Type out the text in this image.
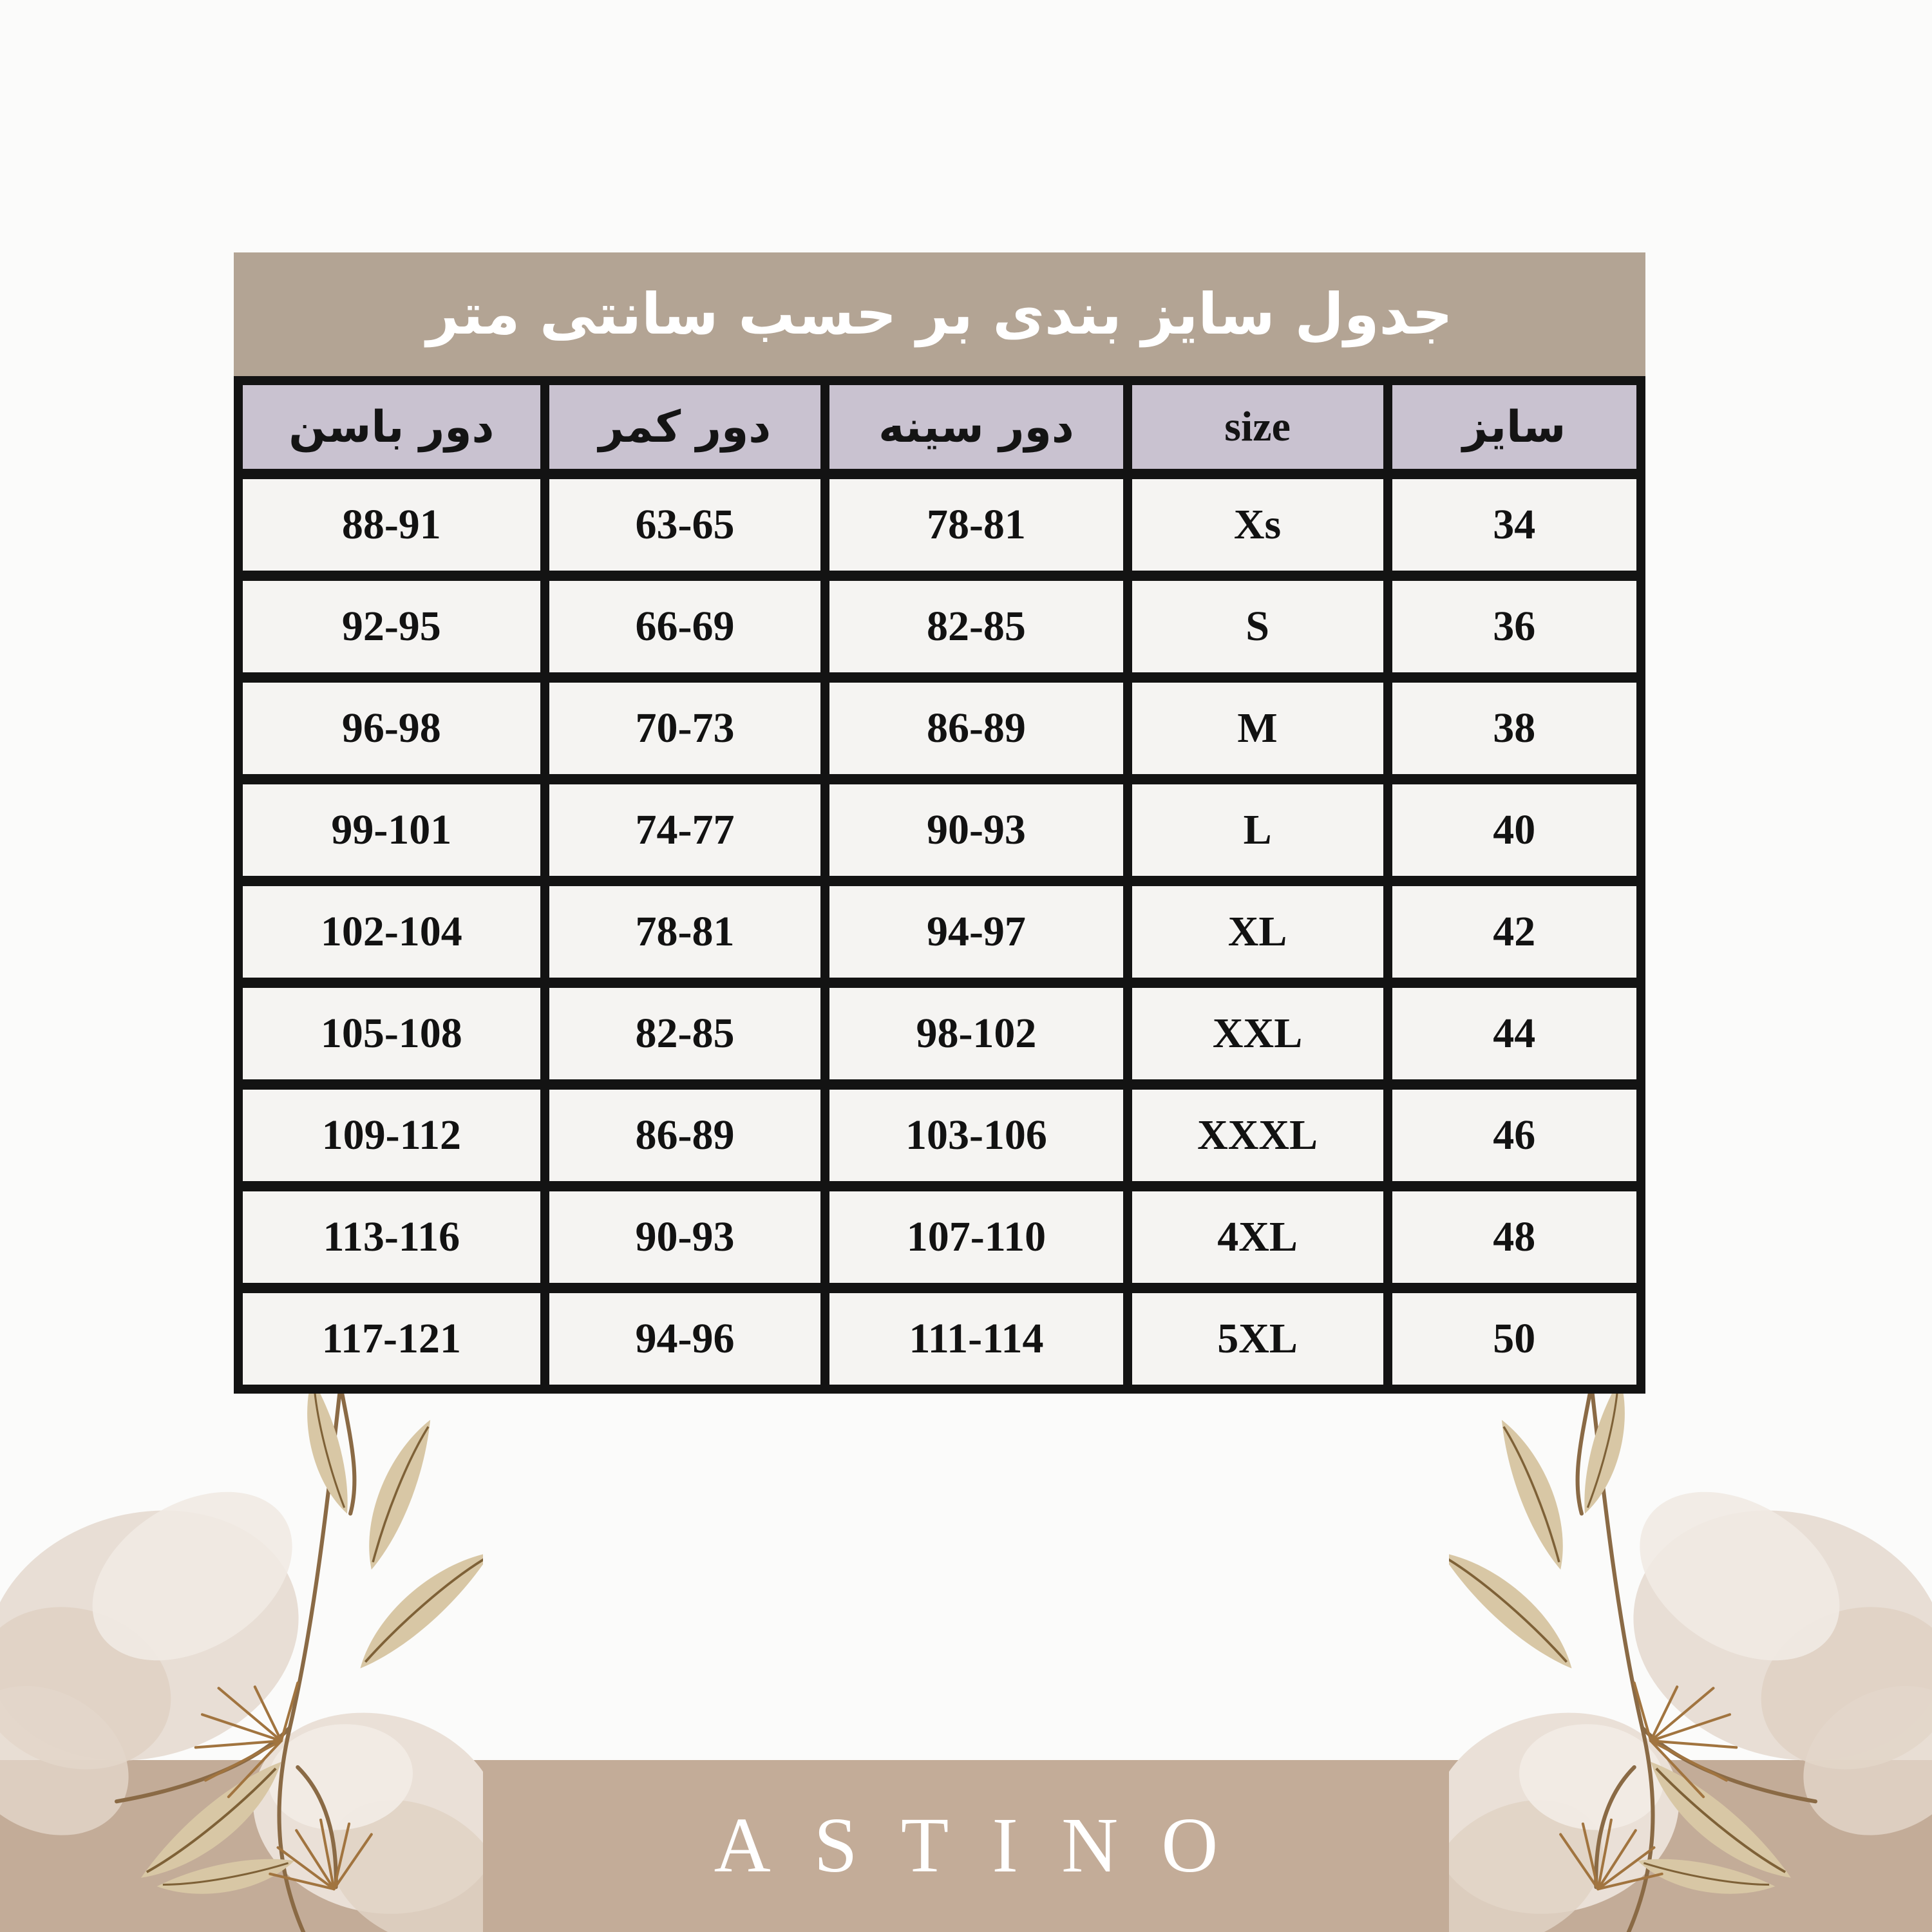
ASTINO
جدول سایز بندی بر حسب سانتی متر
سایز
size
دور سینه
دور کمر
دور باسن
34
Xs
78-81
63-65
88-91
36
S
82-85
66-69
92-95
38
M
86-89
70-73
96-98
40
L
90-93
74-77
99-101
42
XL
94-97
78-81
102-104
44
XXL
98-102
82-85
105-108
46
XXXL
103-106
86-89
109-112
48
4XL
107-110
90-93
113-116
50
5XL
111-114
94-96
117-121
